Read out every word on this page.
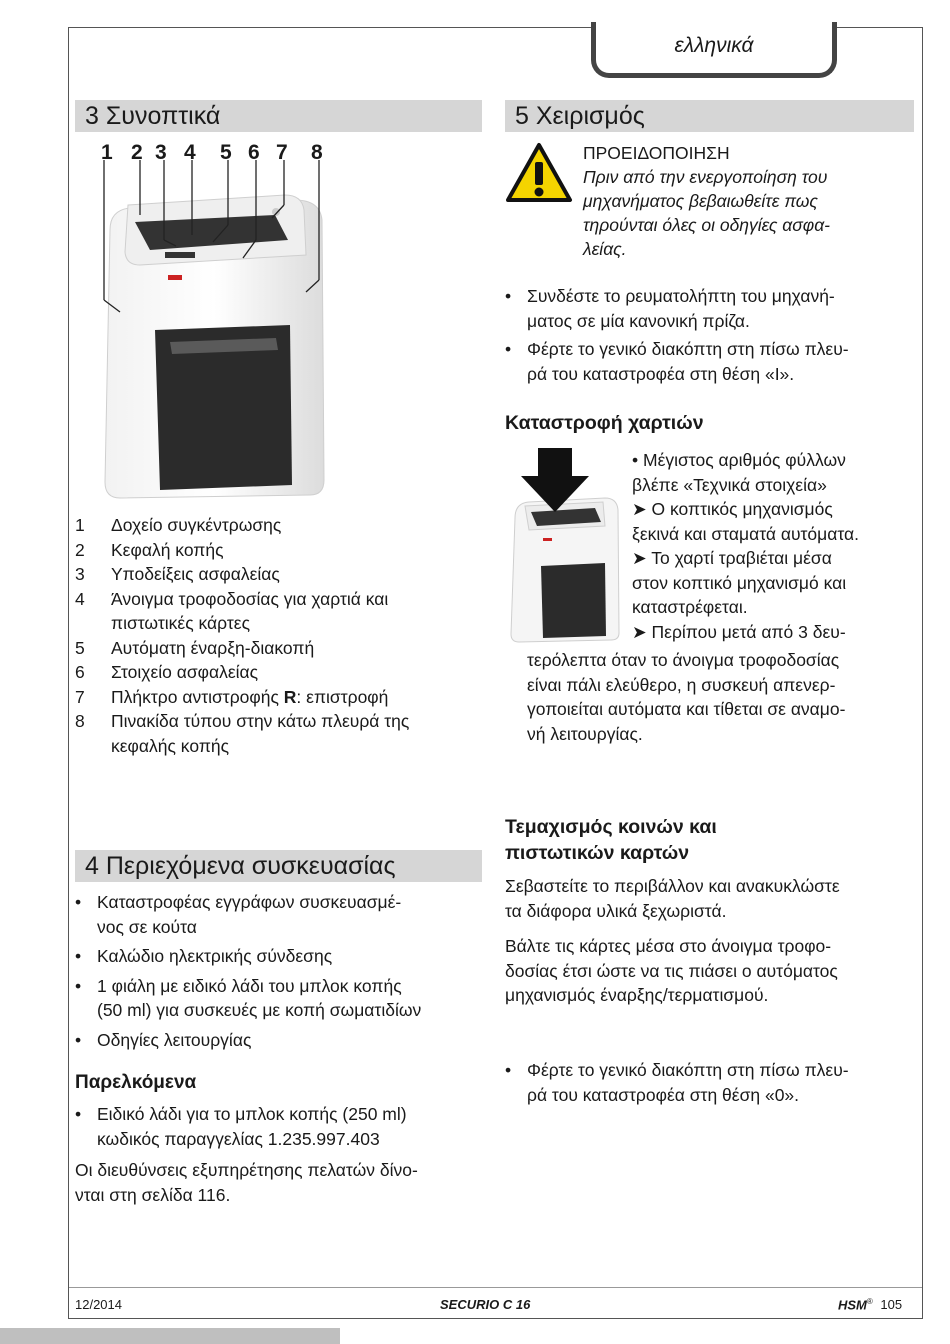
ελληνικά
3 Συνοπτικά
1 2 3 4 5 6 7 8
1 Δοχείο συγκέντρωσης
2 Κεφαλή κοπής
3 Υποδείξεις ασφαλείας
4 Άνοιγμα τροφοδοσίας για χαρτιά και
πιστωτικές κάρτες
5 Αυτόματη έναρξη-διακοπή
6 Στοιχείο ασφαλείας
7 Πλήκτρο αντιστροφής R: επιστροφή
8 Πινακίδα τύπου στην κάτω πλευρά της
κεφαλής κοπής
4 Περιεχόμενα συσκευασίας
• Καταστροφέας εγγράφων συσκευασμέ-
νος σε κούτα
• Καλώδιο ηλεκτρικής σύνδεσης
• 1 φιάλη με ειδικό λάδι του μπλοκ κοπής
(50 ml) για συσκευές με κοπή σωματιδίων
• Οδηγίες λειτουργίας
Παρελκόμενα
• Ειδικό λάδι για το μπλοκ κοπής (250 ml)
κωδικός παραγγελίας 1.235.997.403
Οι διευθύνσεις εξυπηρέτησης πελατών δίνο-
νται στη σελίδα 116.
5 Χειρισμός
ΠΡΟΕΙΔΟΠΟΙΗΣΗ
Πριν από την ενεργοποίηση του
μηχανήματος βεβαιωθείτε πως
τηρούνται όλες οι οδηγίες ασφα-
λείας.
• Συνδέστε το ρευματολήπτη του μηχανή-
ματος σε μία κανονική πρίζα.
• Φέρτε το γενικό διακόπτη στη πίσω πλευ-
ρά του καταστροφέα στη θέση «I».
Καταστροφή χαρτιών
• Μέγιστος αριθμός φύλλων
βλέπε «Τεχνικά στοιχεία»
➤ Ο κοπτικός μηχανισμός
ξεκινά και σταματά αυτόματα.
➤ Το χαρτί τραβιέται μέσα
στον κοπτικό μηχανισμό και
καταστρέφεται.
➤ Περίπου μετά από 3 δευ-
τερόλεπτα όταν το άνοιγμα τροφοδοσίας
είναι πάλι ελεύθερο, η συσκευή απενερ-
γοποιείται αυτόματα και τίθεται σε αναμο-
νή λειτουργίας.
Τεμαχισμός κοινών και
πιστωτικών καρτών
Σεβαστείτε το περιβάλλον και ανακυκλώστε
τα διάφορα υλικά ξεχωριστά.
Βάλτε τις κάρτες μέσα στο άνοιγμα τροφο-
δοσίας έτσι ώστε να τις πιάσει ο αυτόματος
μηχανισμός έναρξης/τερματισμού.
• Φέρτε το γενικό διακόπτη στη πίσω πλευ-
ρά του καταστροφέα στη θέση «0».
12/2014	SECURIO C 16	HSM® 105
